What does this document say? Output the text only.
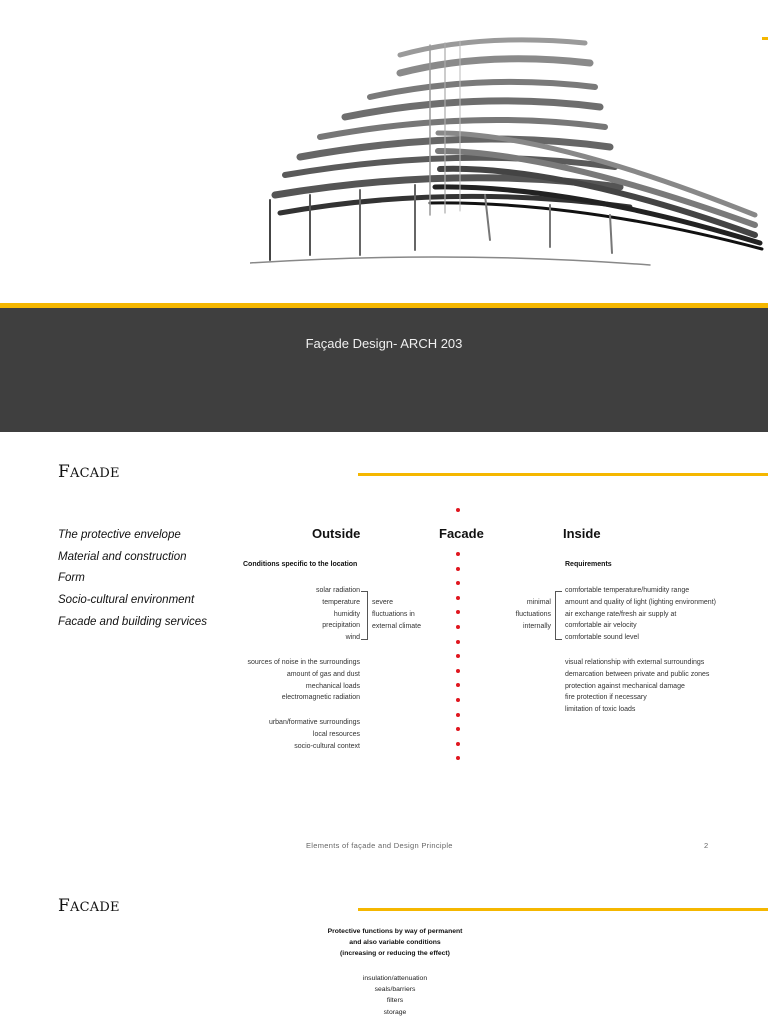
Façade Design- ARCH 203
FACADE
The protective envelope
Material and construction
Form
Socio-cultural environment
Facade and building services
Outside	Facade	Inside
Conditions specific to the location	Requirements
solar radiation
temperature
humidity
precipitation
wind
severe
fluctuations in
external climate
sources of noise in the surroundings
amount of gas and dust
mechanical loads
electromagnetic radiation
urban/formative surroundings
local resources
socio-cultural context
minimal
fluctuations
internally
comfortable temperature/humidity range
amount and quality of light (lighting environment)
air exchange rate/fresh air supply at
comfortable air velocity
comfortable sound level
visual relationship with external surroundings
demarcation between private and public zones
protection against mechanical damage
fire protection if necessary
limitation of toxic loads
Elements of façade and Design Principle	2
FACADE
Protective functions by way of permanent
and also variable conditions
(increasing or reducing the effect)
insulation/attenuation
seals/barriers
filters
storage
